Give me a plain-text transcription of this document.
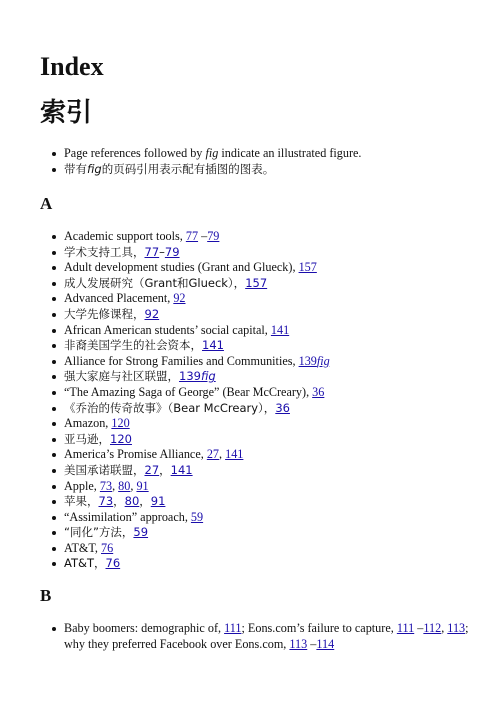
Index
索引
Page references followed by fig indicate an illustrated figure.
带有fig的页码引用表示配有插图的图表。
A
Academic support tools, 77 –79
学术支持工具，77–79
Adult development studies (Grant and Glueck), 157
成人发展研究（Grant和Glueck），157
Advanced Placement, 92
大学先修课程，92
African American students’ social capital, 141
非裔美国学生的社会资本，141
Alliance for Strong Families and Communities, 139fig
强大家庭与社区联盟，139fig
“The Amazing Saga of George” (Bear McCreary), 36
《乔治的传奇故事》（Bear McCreary），36
Amazon, 120
亚马逊，120
America’s Promise Alliance, 27, 141
美国承诺联盟，27，141
Apple, 73, 80, 91
苹果，73，80，91
“Assimilation” approach, 59
“同化”方法，59
AT&T, 76
AT&T，76
B
Baby boomers: demographic of, 111; Eons.com’s failure to capture, 111 –112, 113; why they preferred Facebook over Eons.com, 113 –114
